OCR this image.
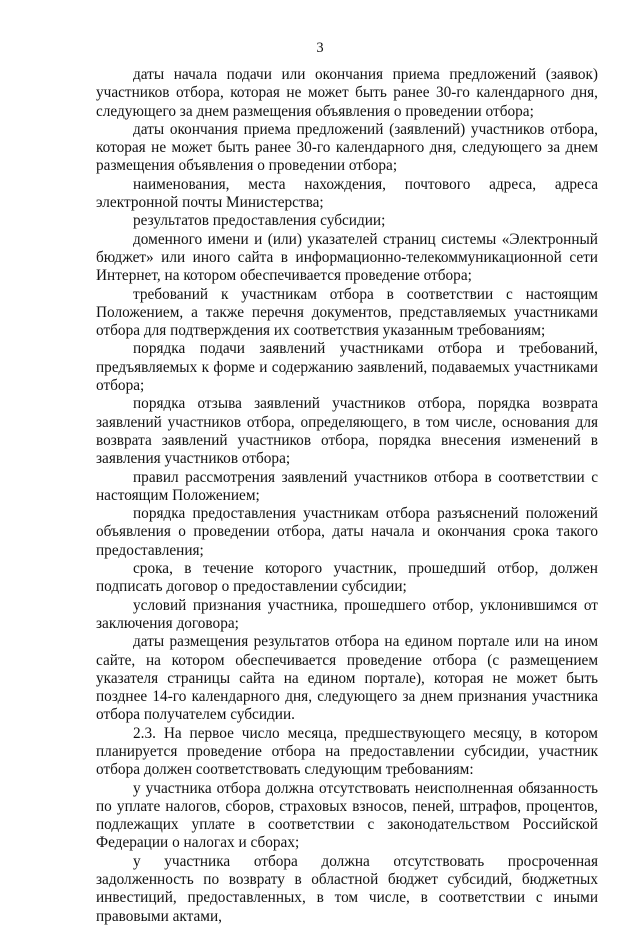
3

даты начала подачи или окончания приема предложений (заявок) участников отбора, которая не может быть ранее 30-го календарного дня, следующего за днем размещения объявления о проведении отбора;

даты окончания приема предложений (заявлений) участников отбора, которая не может быть ранее 30-го календарного дня, следующего за днем размещения объявления о проведении отбора;

наименования, места нахождения, почтового адреса, адреса электронной почты Министерства;

результатов предоставления субсидии;

доменного имени и (или) указателей страниц системы «Электронный бюджет» или иного сайта в информационно-телекоммуникационной сети Интернет, на котором обеспечивается проведение отбора;

требований к участникам отбора в соответствии с настоящим Положением, а также перечня документов, представляемых участниками отбора для подтверждения их соответствия указанным требованиям;

порядка подачи заявлений участниками отбора и требований, предъявляемых к форме и содержанию заявлений, подаваемых участниками отбора;

порядка отзыва заявлений участников отбора, порядка возврата заявлений участников отбора, определяющего, в том числе, основания для возврата заявлений участников отбора, порядка внесения изменений в заявления участников отбора;

правил рассмотрения заявлений участников отбора в соответствии с настоящим Положением;

порядка предоставления участникам отбора разъяснений положений объявления о проведении отбора, даты начала и окончания срока такого предоставления;

срока, в течение которого участник, прошедший отбор, должен подписать договор о предоставлении субсидии;

условий признания участника, прошедшего отбор, уклонившимся от заключения договора;

даты размещения результатов отбора на едином портале или на ином сайте, на котором обеспечивается проведение отбора (с размещением указателя страницы сайта на едином портале), которая не может быть позднее 14-го календарного дня, следующего за днем признания участника отбора получателем субсидии.

2.3. На первое число месяца, предшествующего месяцу, в котором планируется проведение отбора на предоставлении субсидии, участник отбора должен соответствовать следующим требованиям:

у участника отбора должна отсутствовать неисполненная обязанность по уплате налогов, сборов, страховых взносов, пеней, штрафов, процентов, подлежащих уплате в соответствии с законодательством Российской Федерации о налогах и сборах;

у участника отбора должна отсутствовать просроченная задолженность по возврату в областной бюджет субсидий, бюджетных инвестиций, предоставленных, в том числе, в соответствии с иными правовыми актами,
